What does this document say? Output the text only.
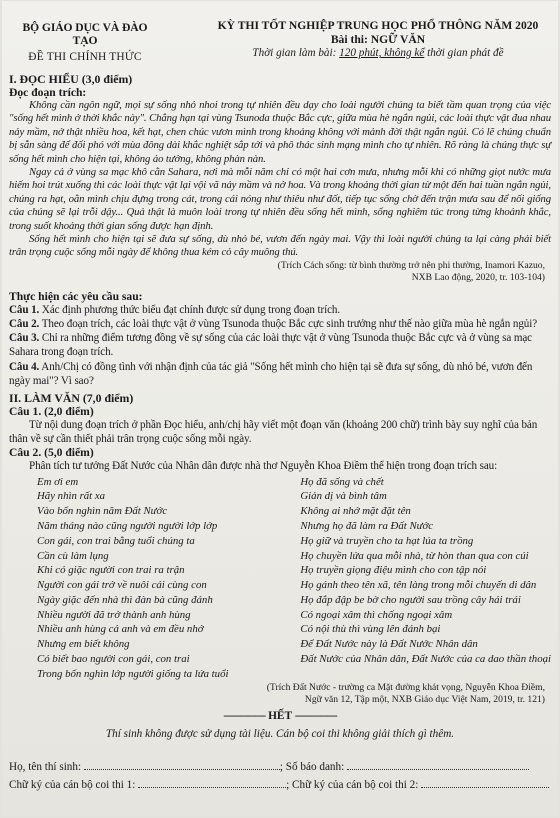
BỘ GIÁO DỤC VÀ ĐÀO TẠO
ĐỀ THI CHÍNH THỨC
KỲ THI TỐT NGHIỆP TRUNG HỌC PHỔ THÔNG NĂM 2020
Bài thi: NGỮ VĂN
Thời gian làm bài: 120 phút, không kể thời gian phát đề
I. ĐỌC HIỂU (3,0 điểm)
Đọc đoạn trích:

Không cần ngôn ngữ, mọi sự sống nhỏ nhoi trong tự nhiên đều dạy cho loài người chúng ta biết tầm quan trọng của việc "sống hết mình ở thời khắc này". Chẳng hạn tại vùng Tsunoda thuộc Bắc cực, giữa mùa hè ngắn ngủi, các loài thực vật đua nhau nảy mầm, nở thật nhiều hoa, kết hạt, chen chúc vươn mình trong khoảng không với mảnh đời thật ngắn ngủi. Có lẽ chúng chuẩn bị sẵn sàng để đối phó với mùa đông dài khắc nghiệt sắp tới và phô thác sinh mạng mình cho tự nhiên. Rõ ràng là chúng thực sự sống hết mình cho hiện tại, không ảo tưởng, không phàn nàn.

Ngay cả ở vùng sa mạc khô cằn Sahara, nơi mà mỗi năm chỉ có một hai cơn mưa, nhưng mỗi khi có những giọt nước mưa hiếm hoi trút xuống thì các loài thực vật lại vội vã nảy mầm và nở hoa. Và trong khoảng thời gian từ một đến hai tuần ngắn ngủi, chúng ra hạt, oằn mình chịu đựng trong cát, trong cái nóng như thiêu như đốt, tiếp tục sống chờ đến trận mưa sau để nối giống của chúng sẽ lại trỗi dậy... Quả thật là muôn loài trong tự nhiên đều sống hết mình, sống nghiêm túc trong từng khoảnh khắc, trong suốt khoảng thời gian sống được hạn định.

Sống hết mình cho hiện tại sẽ đưa sự sống, dù nhỏ bé, vươn đến ngày mai. Vậy thì loài người chúng ta lại càng phải biết trân trọng cuộc sống mỗi ngày để không thua kém cỏ cây muông thú.

(Trích Cách sống: từ bình thường trở nên phi thường, Inamori Kazuo,
NXB Lao động, 2020, tr. 103-104)
Thực hiện các yêu cầu sau:
Câu 1. Xác định phương thức biểu đạt chính được sử dụng trong đoạn trích.
Câu 2. Theo đoạn trích, các loài thực vật ở vùng Tsunoda thuộc Bắc cực sinh trưởng như thế nào giữa mùa hè ngắn ngủi?
Câu 3. Chỉ ra những điểm tương đồng về sự sống của các loài thực vật ở vùng Tsunoda thuộc Bắc cực và ở vùng sa mạc Sahara trong đoạn trích.
Câu 4. Anh/Chị có đồng tình với nhận định của tác giả "Sống hết mình cho hiện tại sẽ đưa sự sống, dù nhỏ bé, vươn đến ngày mai"? Vì sao?
II. LÀM VĂN (7,0 điểm)
Câu 1. (2,0 điểm)
Từ nội dung đoạn trích ở phần Đọc hiểu, anh/chị hãy viết một đoạn văn (khoảng 200 chữ) trình bày suy nghĩ của bản thân về sự cần thiết phải trân trọng cuộc sống mỗi ngày.
Câu 2. (5,0 điểm)
Phân tích tư tưởng Đất Nước của Nhân dân được nhà thơ Nguyễn Khoa Điềm thể hiện trong đoạn trích sau:
Em ơi em
Hãy nhìn rất xa
Vào bốn nghìn năm Đất Nước
Năm tháng nào cũng người người lớp lớp
Con gái, con trai bằng tuổi chúng ta
Cần cù làm lụng
Khi có giặc người con trai ra trận
Người con gái trở về nuôi cái cùng con
Ngày giặc đến nhà thì đàn bà cũng đánh
Nhiều người đã trở thành anh hùng
Nhiều anh hùng cả anh và em đều nhớ
Nhưng em biết không
Có biết bao người con gái, con trai
Trong bốn nghìn lớp người giống ta lứa tuổi
Họ đã sống và chết
Giản dị và bình tâm
Không ai nhớ mặt đặt tên
Nhưng họ đã làm ra Đất Nước
Họ giữ và truyền cho ta hạt lúa ta trồng
Họ chuyền lửa qua mỗi nhà, từ hòn than qua con cúi
Họ truyền giọng điệu mình cho con tập nói
Họ gánh theo tên xã, tên làng trong mỗi chuyến di dân
Họ đắp đập be bờ cho người sau trồng cây hái trái
Có ngoại xâm thì chống ngoại xâm
Có nội thù thì vùng lên đánh bại
Để Đất Nước này là Đất Nước Nhân dân
Đất Nước của Nhân dân, Đất Nước của ca dao thần thoại
(Trích Đất Nước - trường ca Mặt đường khát vọng, Nguyễn Khoa Điềm,
Ngữ văn 12, Tập một, NXB Giáo dục Việt Nam, 2019, tr. 121)
--------------- HẾT ---------------
Thí sinh không được sử dụng tài liệu. Cán bộ coi thi không giải thích gì thêm.
Họ, tên thí sinh:	; Số báo danh:
Chữ ký của cán bộ coi thi 1:	; Chữ ký của cán bộ coi thi 2:
